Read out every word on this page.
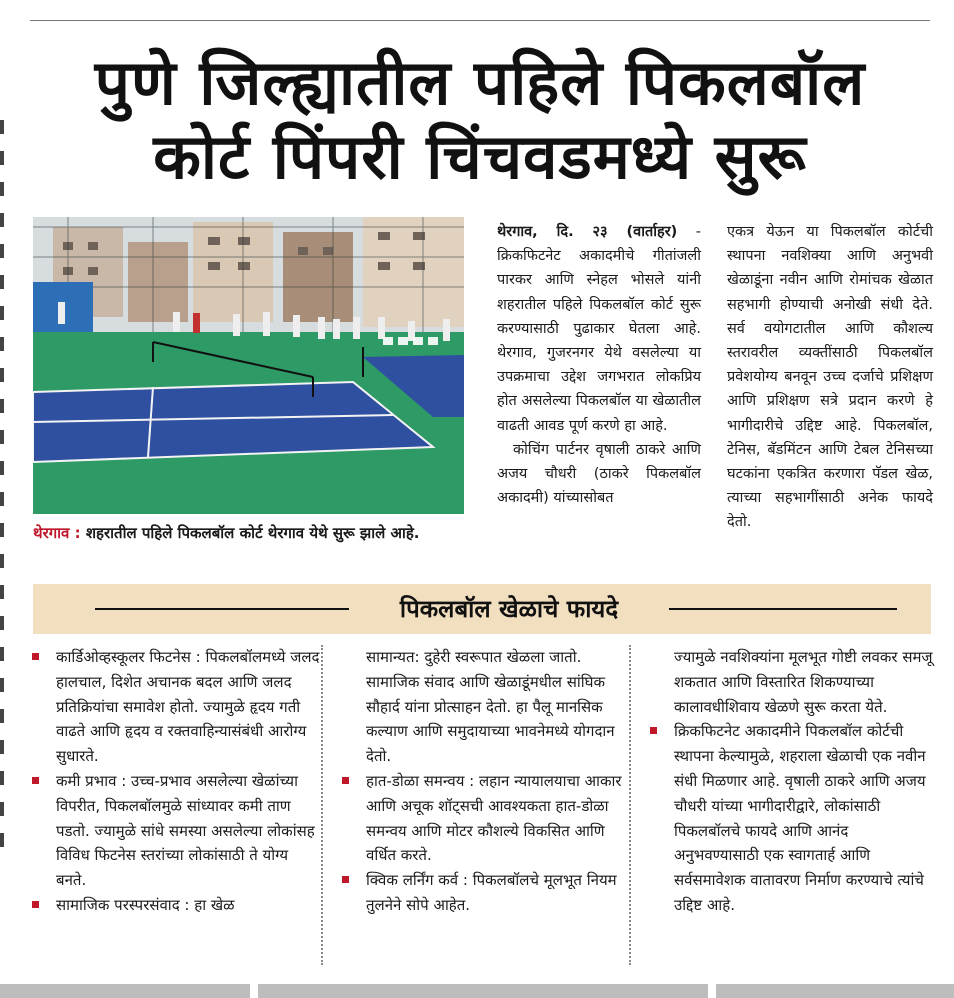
पुणे जिल्ह्यातील पहिले पिकलबॉल
कोर्ट पिंपरी चिंचवडमध्ये सुरू
थेरगाव : शहरातील पहिले पिकलबॉल कोर्ट थेरगाव येथे सुरू झाले आहे.

थेरगाव, दि. २३ (वार्ताहर) - क्रिकफिटनेट अकादमीचे गीतांजली पारकर आणि स्नेहल भोसले यांनी शहरातील पहिले पिकलबॉल कोर्ट सुरू करण्यासाठी पुढाकार घेतला आहे. थेरगाव, गुजरनगर येथे वसलेल्या या उपक्रमाचा उद्देश जगभरात लोकप्रिय होत असलेल्या पिकलबॉल या खेळातील वाढती आवड पूर्ण करणे हा आहे.

कोचिंग पार्टनर वृषाली ठाकरे आणि अजय चौधरी (ठाकरे पिकलबॉल अकादमी) यांच्यासोबत

एकत्र येऊन या पिकलबॉल कोर्टची स्थापना नवशिक्या आणि अनुभवी खेळाडूंना नवीन आणि रोमांचक खेळात सहभागी होण्याची अनोखी संधी देते. सर्व वयोगटातील आणि कौशल्य स्तरावरील व्यक्तींसाठी पिकलबॉल प्रवेशयोग्य बनवून उच्च दर्जाचे प्रशिक्षण आणि प्रशिक्षण सत्रे प्रदान करणे हे भागीदारीचे उद्दिष्ट आहे. पिकलबॉल, टेनिस, बॅडमिंटन आणि टेबल टेनिसच्या घटकांना एकत्रित करणारा पॅडल खेळ, त्याच्या सहभागींसाठी अनेक फायदे देतो.

पिकलबॉल खेळाचे फायदे
कार्डिओव्हस्कूलर फिटनेस : पिकलबॉलमध्ये जलद हालचाल, दिशेत अचानक बदल आणि जलद प्रतिक्रियांचा समावेश होतो. ज्यामुळे हृदय गती वाढते आणि हृदय व रक्तवाहिन्यासंबंधी आरोग्य सुधारते.
कमी प्रभाव : उच्च-प्रभाव असलेल्या खेळांच्या विपरीत, पिकलबॉलमुळे सांध्यावर कमी ताण पडतो. ज्यामुळे सांधे समस्या असलेल्या लोकांसह विविध फिटनेस स्तरांच्या लोकांसाठी ते योग्य बनते.
सामाजिक परस्परसंवाद : हा खेळ
सामान्यत: दुहेरी स्वरूपात खेळला जातो. सामाजिक संवाद आणि खेळाडूंमधील सांघिक सौहार्द यांना प्रोत्साहन देतो. हा पैलू मानसिक कल्याण आणि समुदायाच्या भावनेमध्ये योगदान देतो.
हात-डोळा समन्वय : लहान न्यायालयाचा आकार आणि अचूक शॉट्सची आवश्यकता हात-डोळा समन्वय आणि मोटर कौशल्ये विकसित आणि वर्धित करते.
क्विक लर्निंग कर्व : पिकलबॉलचे मूलभूत नियम तुलनेने सोपे आहेत.
ज्यामुळे नवशिक्यांना मूलभूत गोष्टी लवकर समजू शकतात आणि विस्तारित शिकण्याच्या कालावधीशिवाय खेळणे सुरू करता येते.
क्रिकफिटनेट अकादमीने पिकलबॉल कोर्टची स्थापना केल्यामुळे, शहराला खेळाची एक नवीन संधी मिळणार आहे. वृषाली ठाकरे आणि अजय चौधरी यांच्या भागीदारीद्वारे, लोकांसाठी पिकलबॉलचे फायदे आणि आनंद अनुभवण्यासाठी एक स्वागतार्ह आणि सर्वसमावेशक वातावरण निर्माण करण्याचे त्यांचे उद्दिष्ट आहे.
